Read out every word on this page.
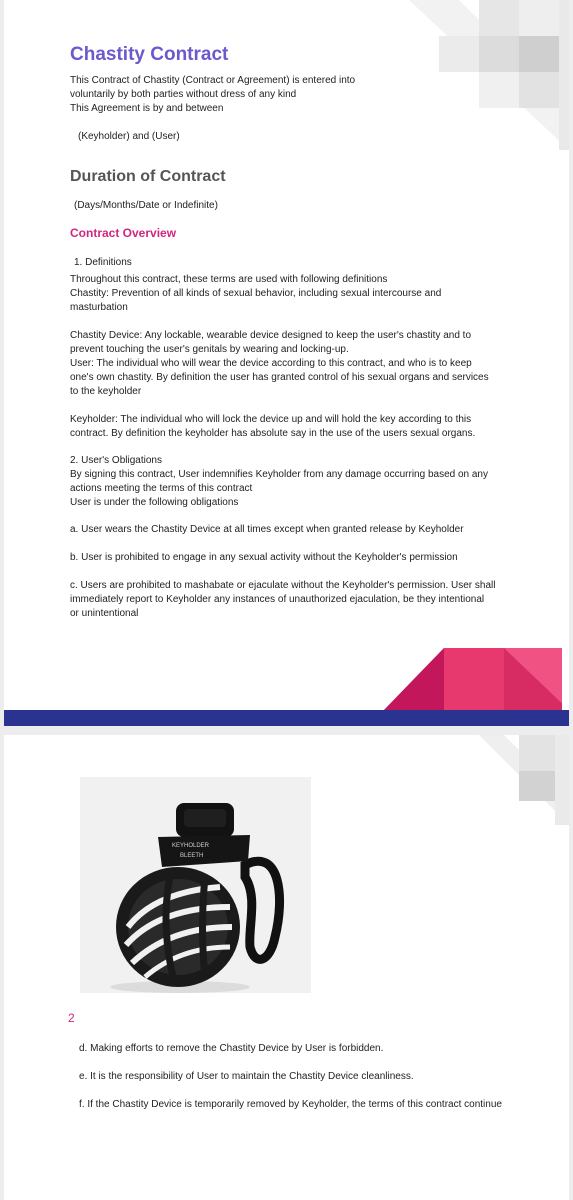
Chastity Contract

This Contract of Chastity (Contract or Agreement) is entered into

voluntarily by both parties without dress of any kind

This Agreement is by and between

(Keyholder) and (User)

Duration of Contract

(Days/Months/Date or Indefinite)

Contract Overview

1. Definitions

Throughout this contract, these terms are used with following definitions

Chastity: Prevention of all kinds of sexual behavior, including sexual intercourse and

masturbation

Chastity Device: Any lockable, wearable device designed to keep the user's chastity and to

prevent touching the user's genitals by wearing and locking-up.

User: The individual who will wear the device according to this contract, and who is to keep

one's own chastity. By definition the user has granted control of his sexual organs and services

to the keyholder

Keyholder: The individual who will lock the device up and will hold the key according to this

contract. By definition the keyholder has absolute say in the use of the users sexual organs.

2. User's Obligations

By signing this contract, User indemnifies Keyholder from any damage occurring based on any

actions meeting the terms of this contract

User is under the following obligations

a. User wears the Chastity Device at all times except when granted release by Keyholder

b. User is prohibited to engage in any sexual activity without the Keyholder's permission

c. Users are prohibited to mashabate or ejaculate without the Keyholder's permission. User shall

immediately report to Keyholder any instances of unauthorized ejaculation, be they intentional

or unintentional

KEYHOLDER
BLEETH
2

d. Making efforts to remove the Chastity Device by User is forbidden.

e. It is the responsibility of User to maintain the Chastity Device cleanliness.

f. If the Chastity Device is temporarily removed by Keyholder, the terms of this contract continue
